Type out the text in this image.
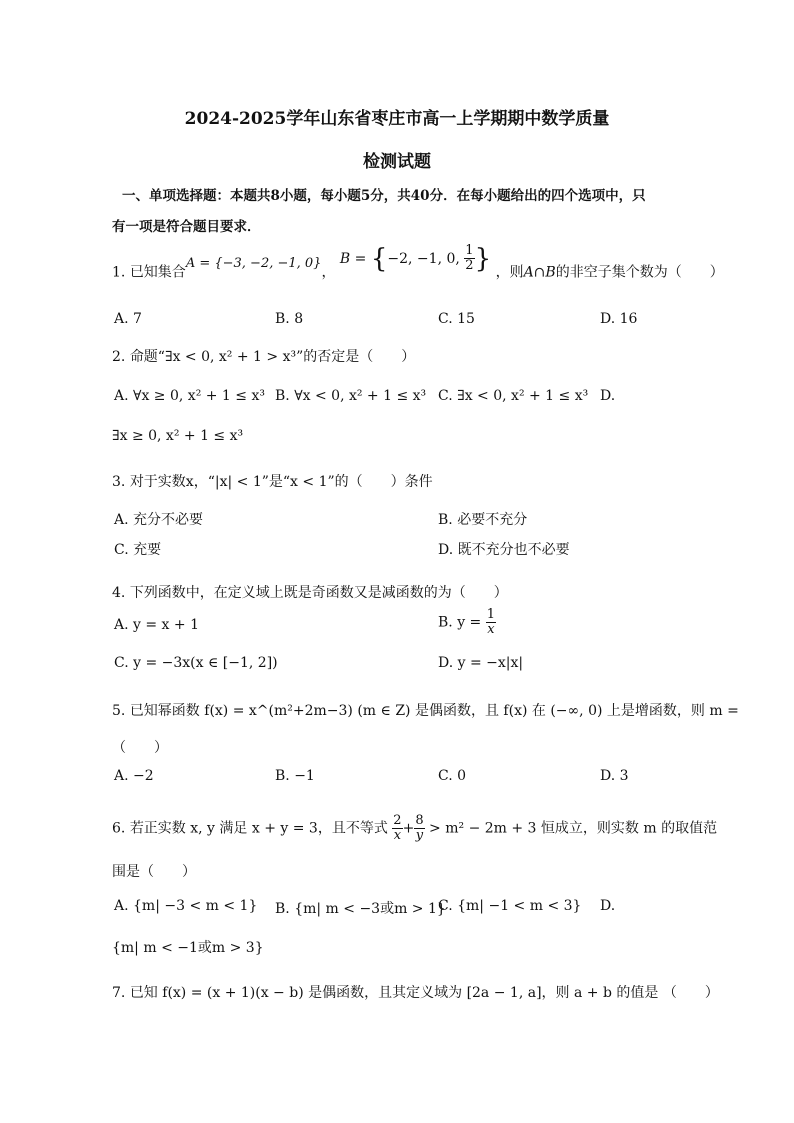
2024-2025学年山东省枣庄市高一上学期期中数学质量
检测试题
一、单项选择题：本题共8小题，每小题5分，共40分．在每小题给出的四个选项中，只
有一项是符合题目要求．
1. 已知集合A = {−3, −2, −1, 0}， B = {−2, −1, 0, $\frac{1}{2}$ } ，则A∩B的非空子集个数为（　　）
A. 7	B. 8	C. 15	D. 16
2. 命题“∃x < 0, x² + 1 > x³”的否定是（　　）
A. ∀x ≥ 0, x² + 1 ≤ x³ B. ∀x < 0, x² + 1 ≤ x³ C. ∃x < 0, x² + 1 ≤ x³ D.
∃x ≥ 0, x² + 1 ≤ x³
3. 对于实数x，“|x| < 1”是“x < 1”的（　　）条件
A. 充分不必要	B. 必要不充分
C. 充要	D. 既不充分也不必要
4. 下列函数中，在定义域上既是奇函数又是减函数的为（　　）
A. y = x + 1	B. $y = \frac{1}{x}$
C. y = −3x(x ∈ [−1, 2])	D. y = −x|x|
5. 已知幂函数 f(x) = x^(m²+2m−3) (m ∈ Z) 是偶函数，且 f(x) 在 (−∞, 0) 上是增函数，则 m =
（　　）
A. −2	B. −1	C. 0	D. 3
6. 若正实数 x, y 满足 x + y = 3，且不等式 $\frac{2}{x} + \frac{8}{y} > m^2 - 2m + 3$ 恒成立，则实数 m 的取值范
围是（　　）
A. {m| −3 < m < 1} B. {m| m < −3或m > 1}
C. {m| −1 < m < 3} D.
{m| m < −1或m > 3}
7. 已知 f(x) = (x + 1)(x − b) 是偶函数，且其定义域为 [2a − 1, a]，则 a + b 的值是 （　　）
